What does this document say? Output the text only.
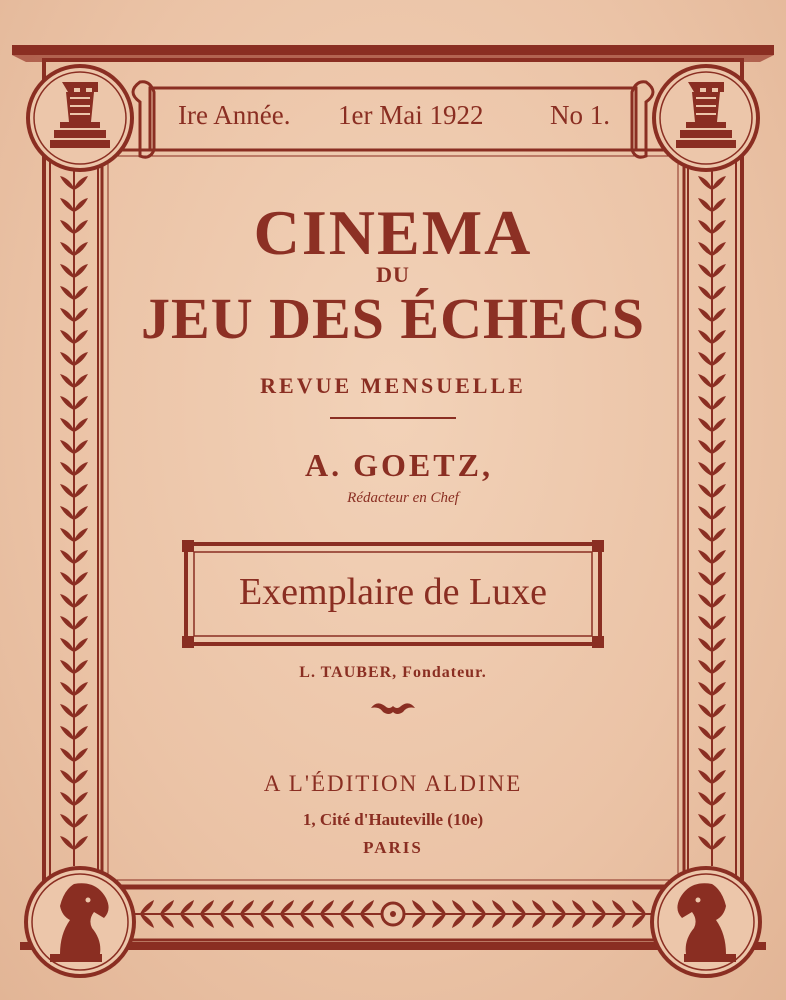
Ire Année. 1er Mai 1922 No 1.
CINEMA
DU
JEU DES ÉCHECS
REVUE MENSUELLE
A. GOETZ,
Rédacteur en Chef
Exemplaire de Luxe
L. TAUBER, Fondateur.
A L'ÉDITION ALDINE
1, Cité d'Hauteville (10e)
PARIS
